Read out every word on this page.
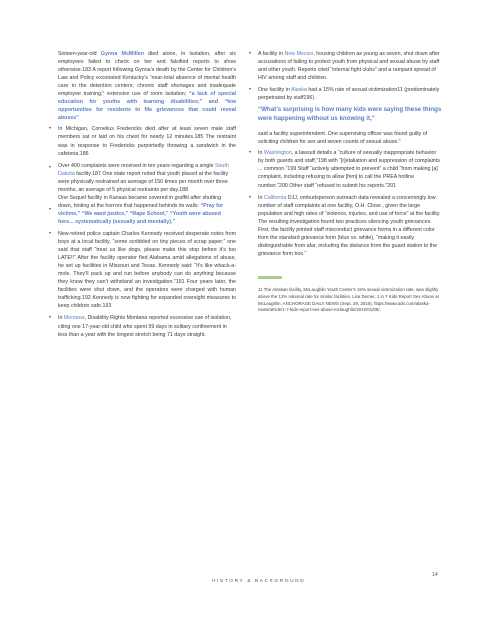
Sixteen-year-old Gynna McMillen died alone, in isolation, after six employees failed to check on her and falsified reports to show otherwise.183 A report following Gynna’s death by the Center for Children’s Law and Policy excoriated Kentucky’s “near-total absence of mental health care in the detention centers; chronic staff shortages and inadequate employee training;” extensive use of room isolation; “a lack of special education for youths with learning disabilities;” and “few opportunities for residents to file grievances that could reveal abuses”

• In Michigan, Cornelius Fredericks died after at least seven male staff members sat or laid on his chest for nearly 12 minutes.185 The restraint was in response to Fredericks purportedly throwing a sandwich in the cafeteria.186
• Over 400 complaints were received in ten years regarding a single South Dakota facility.187 One state report noted that youth placed at the facility were physically restrained an average of 150 times per month over three months, an average of 5 physical restraints per day.188

•
One Sequel facility in Kansas became covered in graffiti after shutting down, hinting at the horrors that happened behinds its walls: “Pray for victims,” “We want justice,” “Rape School,” “Youth were abused here... systematically (sexually and mentally).”
• New-retired police captain Charles Kennedy received desperate notes from boys at a local facility, “some scribbled on tiny pieces of scrap paper;” one said that staff “treat us like dogs, please make this stop before it’s too LATE!!” After the facility operator fled Alabama amid allegations of abuse, he set up facilities in Missouri and Texas. Kennedy said: “It’s like whack-a-mole. They’ll pack up and run before anybody can do anything because they know they can’t withstand an investigation.”191 Four years later, the facilities were shut down, and the operators were charged with human trafficking.192 Kennedy is now fighting for expanded oversight measures to keep children safe.193
• In Montana, Disability Rights Montana reported excessive use of isolation, citing one 17-year-old child who spent 99 days in solitary confinement in less than a year with the longest stretch being 71 days straight.
• A facility in New Mexico, housing children as young as seven, shut down after accusations of failing to protect youth from physical and sexual abuse by staff and other youth. Reports cited “internal fight clubs” and a rampant spread of HIV among staff and children.
• One facility in Alaska had a 15% rate of sexual victimization11 (predominately perpetrated by staff196).

“What’s surprising is how many kids were saying these things were happening without us knowing it,”

said a facility superintendent. One supervising officer was found guilty of soliciting children for sex and seven counts of sexual abuse.”

• In Washington, a lawsuit details a “culture of sexually inappropriate behavior by both guards and staff,”198 with “[r]etaliation and suppression of complaints ... common.”199 Staff “actively attempted to prevent” a child “from making [a] complaint, including refusing to allow [him] to call the PREA hotline number.”200 Other staff “refused to submit his reports.”201
• In California DJJ, ombudsperson outreach data revealed a concerningly low number of staff complaints at one facility, O.H. Close., given the large population and high rates of “violence, injuries, and use of force” at the facility. The resulting investigation found two practices silencing youth grievances. First, the facility printed staff misconduct grievance forms in a different color from the standard grievance form (blue vs. white), “making it easily distinguishable from afar, including the distance from the guard station to the grievance form box.”

11 The Alaskan facility, McLaughlin Youth Center’s 15% sexual victimization rate, was slightly above the 12% national rate for similar facilities. Lisa Demer, 1 in 7 Kids Report Sex Abuse at McLaughlin, ANCHORAGE DAILY NEWS (Sept. 29, 2016), https://www.adn.com/alaska-news/article/1-7-kids-report-sex-abuse-mclaughlin/2010/01/08/.

HISTORY & BACKGROUND
14
